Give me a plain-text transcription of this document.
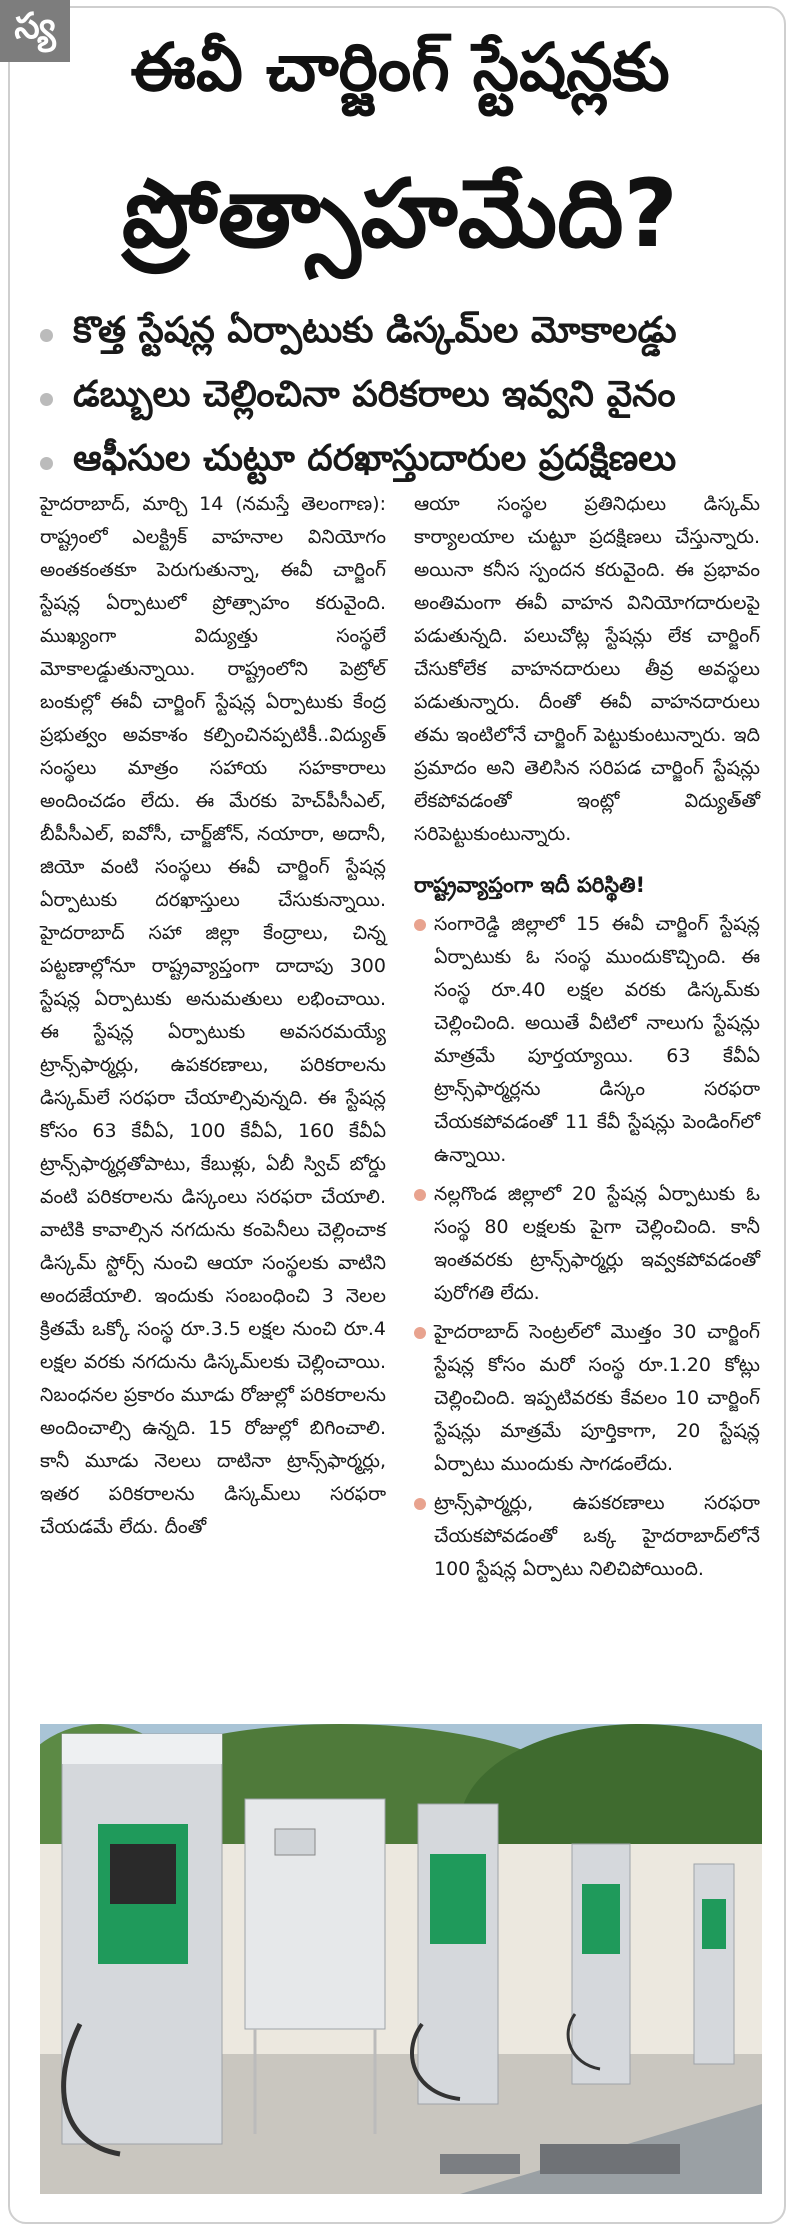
స్య
ఈవీ చార్జింగ్ స్టేషన్లకు
ప్రోత్సాహమేది?
కొత్త స్టేషన్ల ఏర్పాటుకు డిస్కమ్‌ల మోకాలడ్డు
డబ్బులు చెల్లించినా పరికరాలు ఇవ్వని వైనం
ఆఫీసుల చుట్టూ దరఖాస్తుదారుల ప్రదక్షిణలు

హైదరాబాద్, మార్చి 14 (నమస్తే తెలంగాణ): రాష్ట్రంలో ఎలక్ట్రిక్ వాహనాల వినియోగం అంతకంతకూ పెరుగుతున్నా, ఈవీ చార్జింగ్ స్టేషన్ల ఏర్పాటులో ప్రోత్సాహం కరువైంది. ముఖ్యంగా విద్యుత్తు సంస్థలే మోకాలడ్డుతున్నాయి. రాష్ట్రంలోని పెట్రోల్ బంకుల్లో ఈవీ చార్జింగ్ స్టేషన్ల ఏర్పాటుకు కేంద్ర ప్రభుత్వం అవకాశం కల్పించినప్పటికీ..విద్యుత్ సంస్థలు మాత్రం సహాయ సహకారాలు అందించడం లేదు. ఈ మేరకు హెచ్‌పీసీఎల్, బీపీసీఎల్, ఐవోసీ, చార్జ్‌జోన్, నయారా, అదానీ, జియో వంటి సంస్థలు ఈవీ చార్జింగ్ స్టేషన్ల ఏర్పాటుకు దరఖాస్తులు చేసుకున్నాయి. హైదరాబాద్ సహా జిల్లా కేంద్రాలు, చిన్న పట్టణాల్లోనూ రాష్ట్రవ్యాప్తంగా దాదాపు 300 స్టేషన్ల ఏర్పాటుకు అనుమతులు లభించాయి. ఈ స్టేషన్ల ఏర్పాటుకు అవసరమయ్యే ట్రాన్స్‌ఫార్మర్లు, ఉపకరణాలు, పరికరాలను డిస్కమ్‌లే సరఫరా చేయాల్సివున్నది. ఈ స్టేషన్ల కోసం 63 కేవీఏ, 100 కేవీఏ, 160 కేవీఏ ట్రాన్స్‌ఫార్మర్లతోపాటు, కేబుళ్లు, ఏబీ స్విచ్ బోర్డు వంటి పరికరాలను డిస్కంలు సరఫరా చేయాలి. వాటికి కావాల్సిన నగదును కంపెనీలు చెల్లించాక డిస్కమ్ స్టోర్స్ నుంచి ఆయా సంస్థలకు వాటిని అందజేయాలి. ఇందుకు సంబంధించి 3 నెలల క్రితమే ఒక్కో సంస్థ రూ.3.5 లక్షల నుంచి రూ.4 లక్షల వరకు నగదును డిస్కమ్‌లకు చెల్లించాయి. నిబంధనల ప్రకారం మూడు రోజుల్లో పరికరాలను అందించాల్సి ఉన్నది. 15 రోజుల్లో బిగించాలి. కానీ మూడు నెలలు దాటినా ట్రాన్స్‌ఫార్మర్లు, ఇతర పరికరాలను డిస్కమ్‌లు సరఫరా చేయడమే లేదు. దీంతో

ఆయా సంస్థల ప్రతినిధులు డిస్కమ్ కార్యాలయాల చుట్టూ ప్రదక్షిణలు చేస్తున్నారు. అయినా కనీస స్పందన కరువైంది. ఈ ప్రభావం అంతిమంగా ఈవీ వాహన వినియోగదారులపై పడుతున్నది. పలుచోట్ల స్టేషన్లు లేక చార్జింగ్ చేసుకోలేక వాహనదారులు తీవ్ర అవస్థలు పడుతున్నారు. దీంతో ఈవీ వాహనదారులు తమ ఇంటిలోనే చార్జింగ్ పెట్టుకుంటున్నారు. ఇది ప్రమాదం అని తెలిసిన సరిపడ చార్జింగ్ స్టేషన్లు లేకపోవడంతో ఇంట్లో విద్యుత్‌తో సరిపెట్టుకుంటున్నారు.

రాష్ట్రవ్యాప్తంగా ఇదీ పరిస్థితి!
సంగారెడ్డి జిల్లాలో 15 ఈవీ చార్జింగ్ స్టేషన్ల ఏర్పాటుకు ఓ సంస్థ ముందుకొచ్చింది. ఈ సంస్థ రూ.40 లక్షల వరకు డిస్కమ్‌కు చెల్లించింది. అయితే వీటిలో నాలుగు స్టేషన్లు మాత్రమే పూర్తయ్యాయి. 63 కేవీఏ ట్రాన్స్‌ఫార్మర్లను డిస్కం సరఫరా చేయకపోవడంతో 11 కేవీ స్టేషన్లు పెండింగ్‌లో ఉన్నాయి.
నల్లగొండ జిల్లాలో 20 స్టేషన్ల ఏర్పాటుకు ఓ సంస్థ 80 లక్షలకు పైగా చెల్లించింది. కానీ ఇంతవరకు ట్రాన్స్‌ఫార్మర్లు ఇవ్వకపోవడంతో పురోగతి లేదు.
హైదరాబాద్ సెంట్రల్‌లో మొత్తం 30 చార్జింగ్ స్టేషన్ల కోసం మరో సంస్థ రూ.1.20 కోట్లు చెల్లించింది. ఇప్పటివరకు కేవలం 10 చార్జింగ్ స్టేషన్లు మాత్రమే పూర్తికాగా, 20 స్టేషన్ల ఏర్పాటు ముందుకు సాగడంలేదు.
ట్రాన్స్‌ఫార్మర్లు, ఉపకరణాలు సరఫరా చేయకపోవడంతో ఒక్క హైదరాబాద్‌లోనే 100 స్టేషన్ల ఏర్పాటు నిలిచిపోయింది.
